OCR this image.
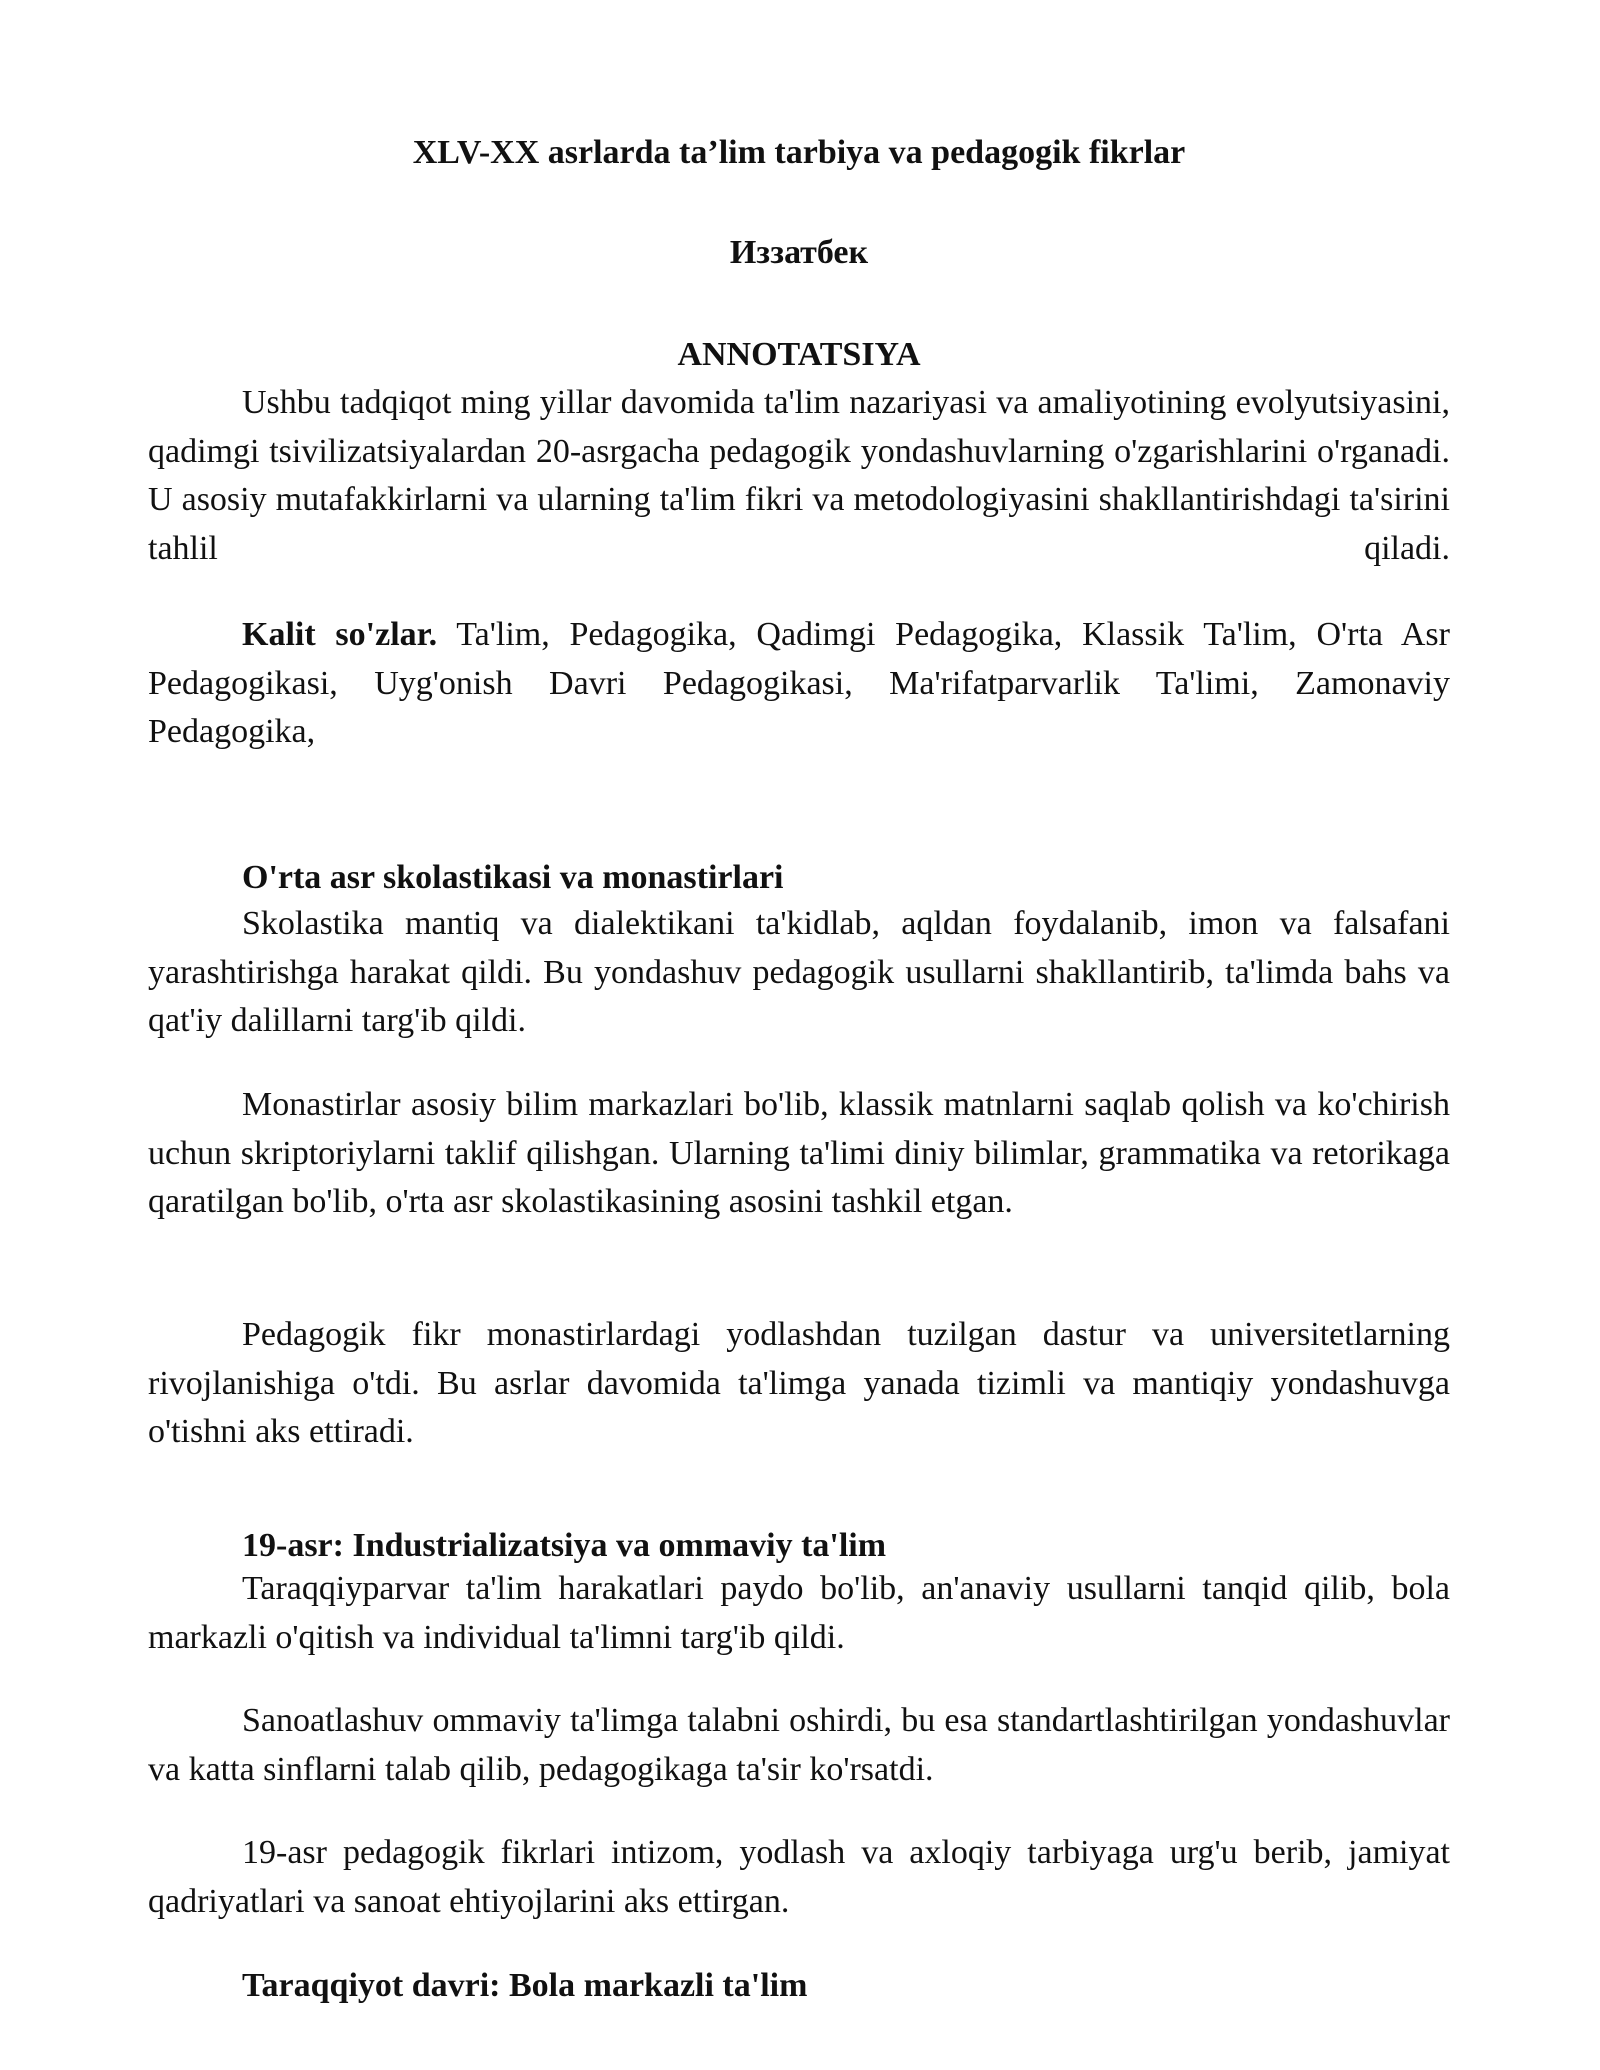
XLV-XX asrlarda ta’lim tarbiya va pedagogik fikrlar

Иззатбек

ANNOTATSIYA

Ushbu tadqiqot ming yillar davomida ta'lim nazariyasi va amaliyotining evolyutsiyasini, qadimgi tsivilizatsiyalardan 20-asrgacha pedagogik yondashuvlarning o'zgarishlarini o'rganadi. U asosiy mutafakkirlarni va ularning ta'lim fikri va metodologiyasini shakllantirishdagi ta'sirini tahlil qiladi.

Kalit so'zlar. Ta'lim, Pedagogika, Qadimgi Pedagogika, Klassik Ta'lim, O'rta Asr Pedagogikasi, Uyg'onish Davri Pedagogikasi, Ma'rifatparvarlik Ta'limi, Zamonaviy Pedagogika,

O'rta asr skolastikasi va monastirlari

Skolastika mantiq va dialektikani ta'kidlab, aqldan foydalanib, imon va falsafani yarashtirishga harakat qildi. Bu yondashuv pedagogik usullarni shakllantirib, ta'limda bahs va qat'iy dalillarni targ'ib qildi.

Monastirlar asosiy bilim markazlari bo'lib, klassik matnlarni saqlab qolish va ko'chirish uchun skriptoriylarni taklif qilishgan. Ularning ta'limi diniy bilimlar, grammatika va retorikaga qaratilgan bo'lib, o'rta asr skolastikasining asosini tashkil etgan.

Pedagogik fikr monastirlardagi yodlashdan tuzilgan dastur va universitetlarning rivojlanishiga o'tdi. Bu asrlar davomida ta'limga yanada tizimli va mantiqiy yondashuvga o'tishni aks ettiradi.

19-asr: Industrializatsiya va ommaviy ta'lim

Taraqqiyparvar ta'lim harakatlari paydo bo'lib, an'anaviy usullarni tanqid qilib, bola markazli o'qitish va individual ta'limni targ'ib qildi.

Sanoatlashuv ommaviy ta'limga talabni oshirdi, bu esa standartlashtirilgan yondashuvlar va katta sinflarni talab qilib, pedagogikaga ta'sir ko'rsatdi.

19-asr pedagogik fikrlari intizom, yodlash va axloqiy tarbiyaga urg'u berib, jamiyat qadriyatlari va sanoat ehtiyojlarini aks ettirgan.

Taraqqiyot davri: Bola markazli ta'lim
